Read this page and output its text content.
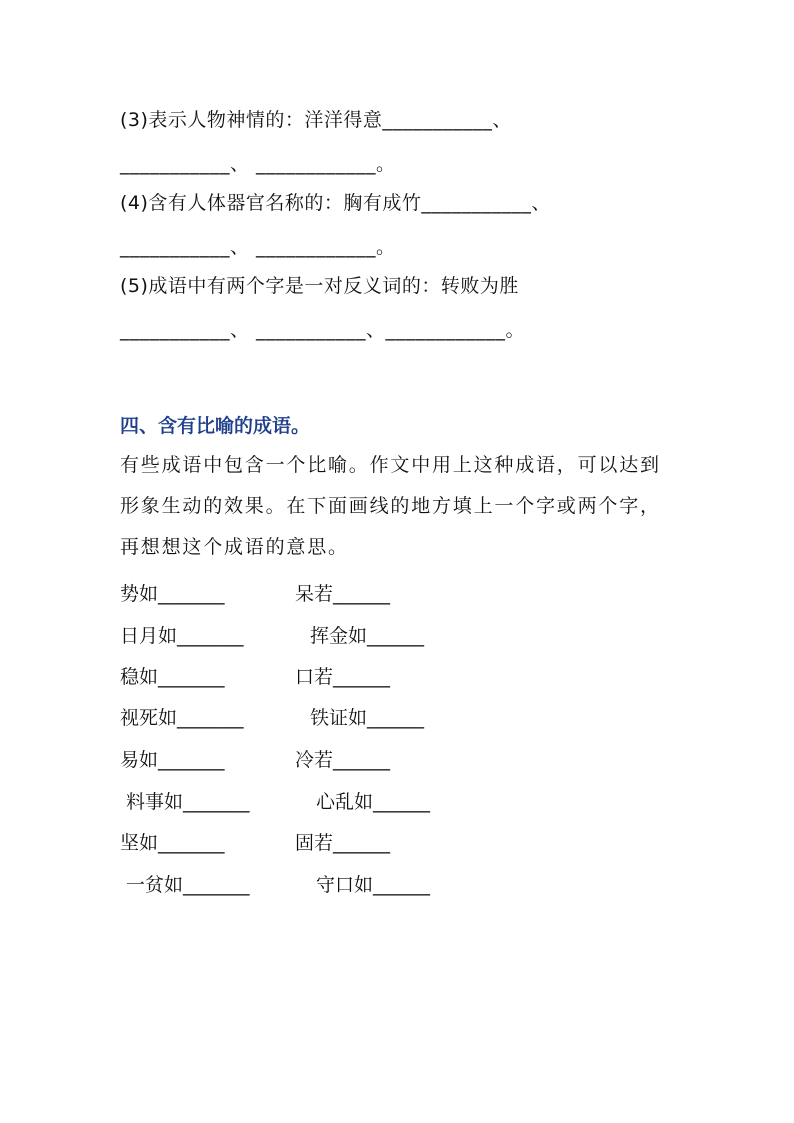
(3)表示人物神情的：洋洋得意___________、
___________、 ____________。
(4)含有人体器官名称的：胸有成竹___________、
___________、 ____________。
(5)成语中有两个字是一对反义词的：转败为胜
___________、 ___________、____________。
四、含有比喻的成语。
有些成语中包含一个比喻。作文中用上这种成语，可以达到形象生动的效果。在下面画线的地方填上一个字或两个字，再想想这个成语的意思。
势如_______	呆若______
日月如_______	挥金如______
稳如_______	口若______
视死如_______	铁证如______
易如_______	冷若______
料事如_______	心乱如______
坚如_______	固若______
一贫如_______	守口如______
